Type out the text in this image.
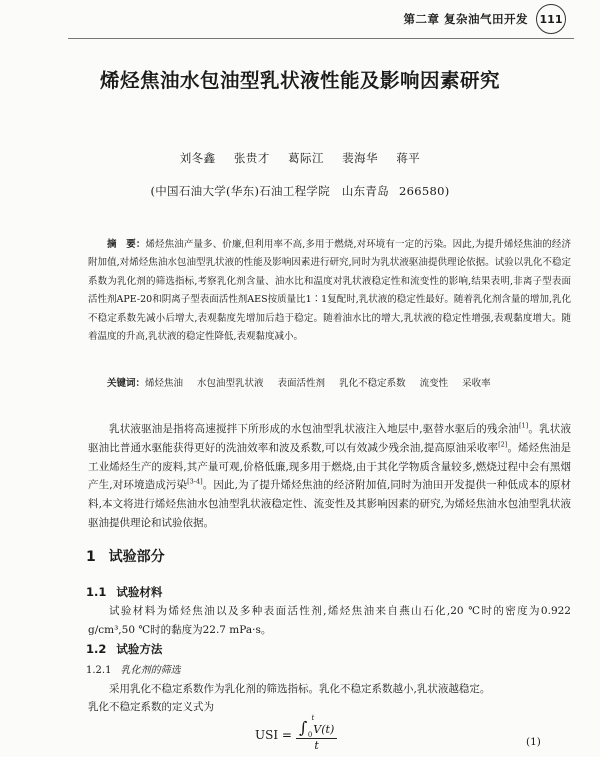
第二章 复杂油气田开发	111
烯烃焦油水包油型乳状液性能及影响因素研究
刘冬鑫 张贵才 葛际江 裴海华 蒋平
(中国石油大学(华东)石油工程学院　山东青岛 266580)

摘　要：烯烃焦油产量多、价廉,但利用率不高,多用于燃烧,对环境有一定的污染。因此,为提升烯烃焦油的经济附加值,对烯烃焦油水包油型乳状液的性能及影响因素进行研究,同时为乳状液驱油提供理论依据。试验以乳化不稳定系数为乳化剂的筛选指标,考察乳化剂含量、油水比和温度对乳状液稳定性和流变性的影响,结果表明,非离子型表面活性剂APE-20和阴离子型表面活性剂AES按质量比1∶1复配时,乳状液的稳定性最好。随着乳化剂含量的增加,乳化不稳定系数先减小后增大,表观黏度先增加后趋于稳定。随着油水比的增大,乳状液的稳定性增强,表观黏度增大。随着温度的升高,乳状液的稳定性降低,表观黏度减小。

关键词：烯烃焦油 水包油型乳状液 表面活性剂 乳化不稳定系数 流变性 采收率

乳状液驱油是指将高速搅拌下所形成的水包油型乳状液注入地层中,驱替水驱后的残余油[1]。乳状液驱油比普通水驱能获得更好的洗油效率和波及系数,可以有效减少残余油,提高原油采收率[2]。烯烃焦油是工业烯烃生产的废料,其产量可观,价格低廉,现多用于燃烧,由于其化学物质含量较多,燃烧过程中会有黑烟产生,对环境造成污染[3-4]。因此,为了提升烯烃焦油的经济附加值,同时为油田开发提供一种低成本的原材料,本文将进行烯烃焦油水包油型乳状液稳定性、流变性及其影响因素的研究,为烯烃焦油水包油型乳状液驱油提供理论和试验依据。

1 试验部分
1.1 试验材料

试验材料为烯烃焦油以及多种表面活性剂,烯烃焦油来自燕山石化,20 ℃时的密度为0.922 g/cm³,50 ℃时的黏度为22.7 mPa·s。

1.2 试验方法
1.2.1 乳化剂的筛选

采用乳化不稳定系数作为乳化剂的筛选指标。乳化不稳定系数越小,乳状液越稳定。

乳化不稳定系数的定义式为

USI = ∫ t
0 V(t)
t	(1)
